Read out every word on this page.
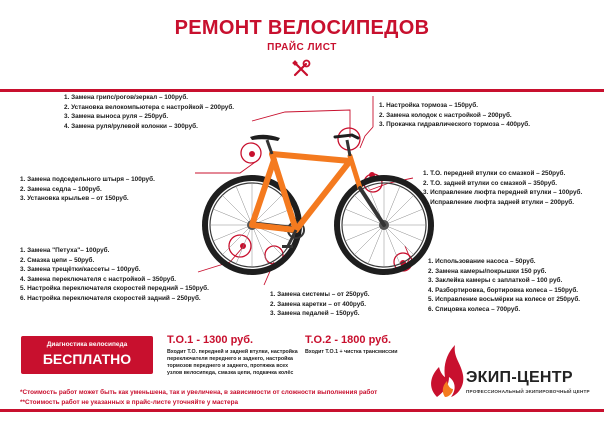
РЕМОНТ ВЕЛОСИПЕДОВ
ПРАЙС ЛИСТ
1. Замена грипс/рогов/зеркал – 100руб.
2. Установка велокомпьютера с настройкой – 200руб.
3. Замена выноса руля – 250руб.
4. Замена руля/рулевой колонки – 300руб.
1. Настройка тормоза – 150руб.
2. Замена колодок с настройкой – 200руб.
3. Прокачка гидравлического тормоза – 400руб.
1. Замена подседельного штыря – 100руб.
2. Замена седла – 100руб.
3. Установка крыльев – от 150руб.
1. Т.О. передней втулки со смазкой – 250руб.
2. Т.О. задней втулки со смазкой – 350руб.
3. Исправление люфта передней втулки – 100руб.
4. Исправление люфта задней втулки – 200руб.
1. Замена "Петуха"– 100руб.
2. Смазка цепи – 50руб.
3. Замена трещётки/кассеты – 100руб.
4. Замена переключателя с настройкой – 350руб.
5. Настройка переключателя скоростей передний – 150руб.
6. Настройка переключателя скоростей задний – 250руб.
1. Использование насоса – 50руб.
2. Замена камеры/покрышки 150 руб.
3. Заклейка камеры с заплаткой – 100 руб.
4. Разбортировка, бортировка колеса – 150руб.
5. Исправление восьмёрки на колесе от 250руб.
6. Спицовка колеса – 700руб.
1. Замена системы – от 250руб.
2. Замена каретки – от 400руб.
3. Замена педалей – 150руб.
Диагностика велосипеда
БЕСПЛАТНО
Т.О.1 - 1300 руб.
Входит Т.О. передней и задней втулки, настройка
переключателя переднего и заднего, настройка
тормозов переднего и заднего, протяжка всех
узлов велосипеда, смазка цепи, подкачка колёс
Т.О.2 - 1800 руб.
Входит Т.О.1 + чистка трансмиссии
*Стоимость работ может быть как уменьшена, так и увеличена, в зависимости от сложности выполнения работ
**Стоимость работ не указанных в прайс-листе уточняйте у мастера
ЭКИП-ЦЕНТР
ПРОФЕССИОНАЛЬНЫЙ ЭКИПИРОВОЧНЫЙ ЦЕНТР
